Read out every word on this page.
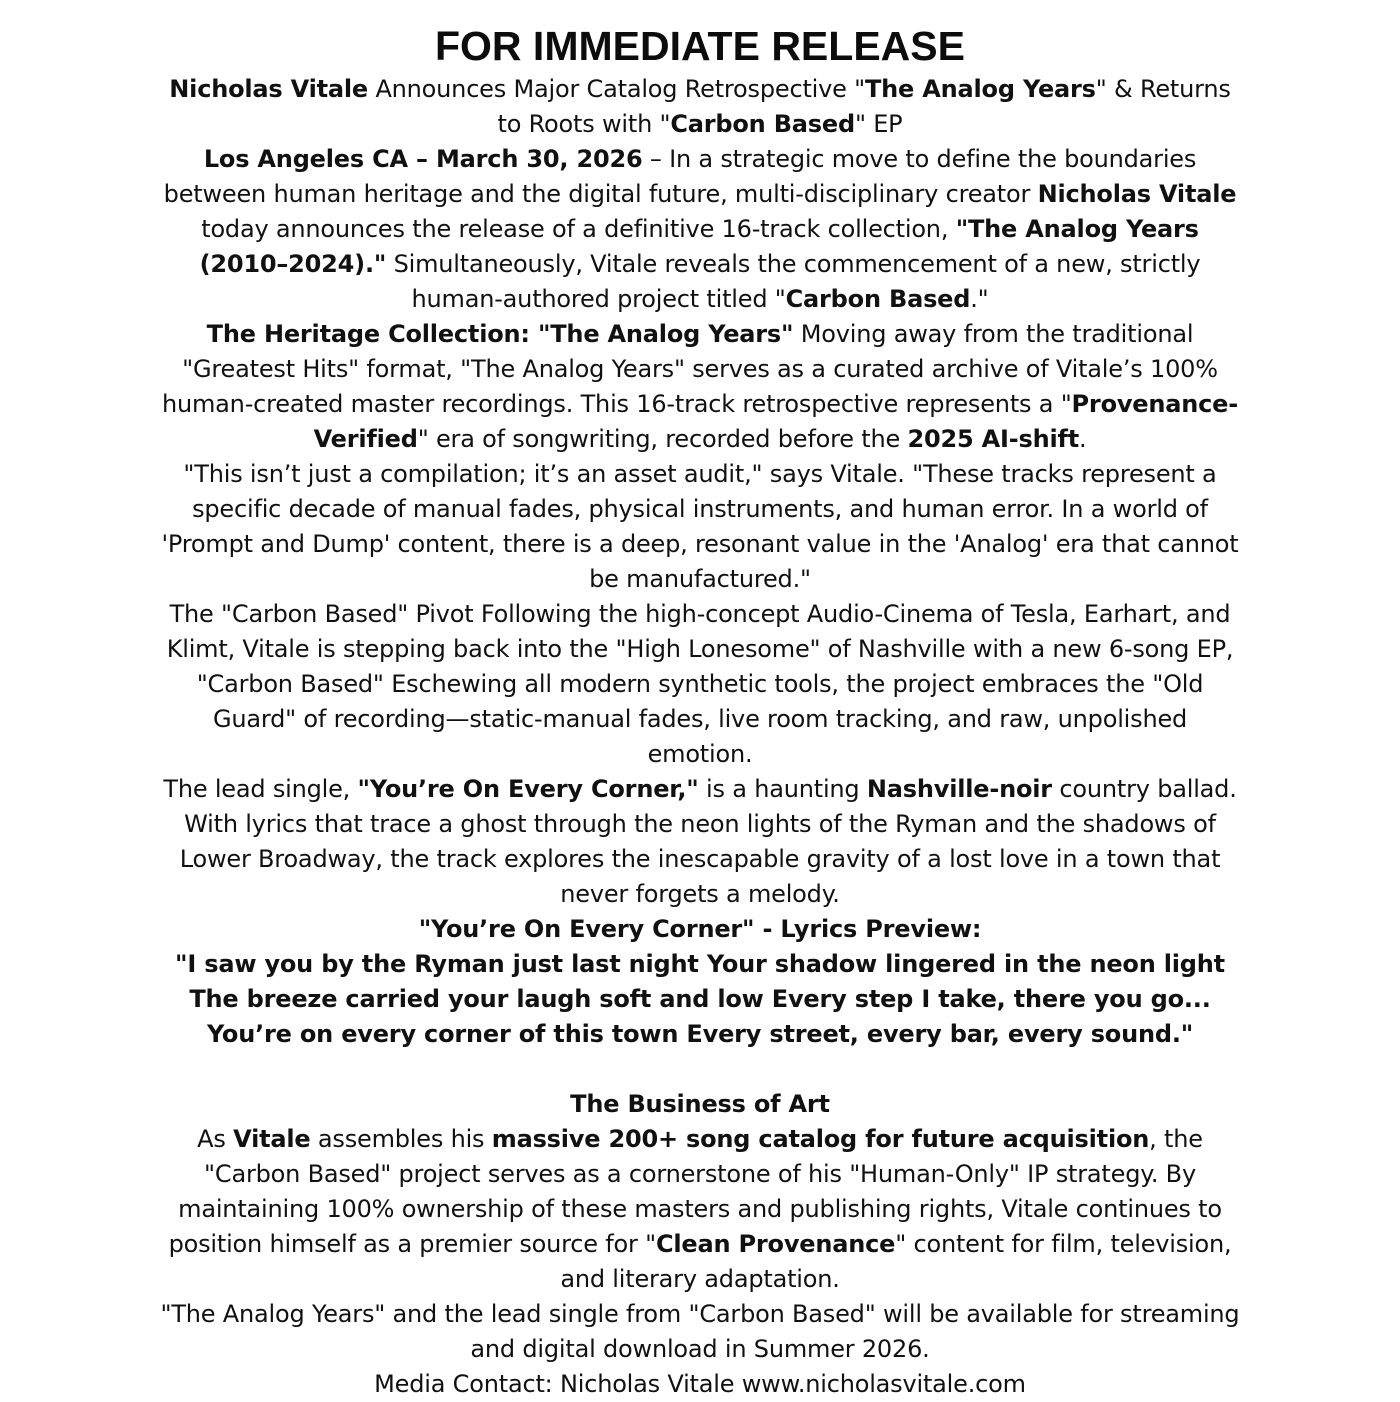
FOR IMMEDIATE RELEASE

Nicholas Vitale Announces Major Catalog Retrospective "The Analog Years" & Returns to Roots with "Carbon Based" EP

Los Angeles CA – March 30, 2026 – In a strategic move to define the boundaries between human heritage and the digital future, multi-disciplinary creator Nicholas Vitale today announces the release of a definitive 16-track collection, "The Analog Years (2010–2024)." Simultaneously, Vitale reveals the commencement of a new, strictly human-authored project titled "Carbon Based."

The Heritage Collection: "The Analog Years" Moving away from the traditional "Greatest Hits" format, "The Analog Years" serves as a curated archive of Vitale’s 100% human-created master recordings. This 16-track retrospective represents a "Provenance-Verified" era of songwriting, recorded before the 2025 AI-shift.

"This isn’t just a compilation; it’s an asset audit," says Vitale. "These tracks represent a specific decade of manual fades, physical instruments, and human error. In a world of 'Prompt and Dump' content, there is a deep, resonant value in the 'Analog' era that cannot be manufactured."

The "Carbon Based" Pivot Following the high-concept Audio-Cinema of Tesla, Earhart, and Klimt, Vitale is stepping back into the "High Lonesome" of Nashville with a new 6-song EP, "Carbon Based" Eschewing all modern synthetic tools, the project embraces the "Old Guard" of recording—static-manual fades, live room tracking, and raw, unpolished emotion.

The lead single, "You’re On Every Corner," is a haunting Nashville-noir country ballad. With lyrics that trace a ghost through the neon lights of the Ryman and the shadows of Lower Broadway, the track explores the inescapable gravity of a lost love in a town that never forgets a melody.

"You’re On Every Corner" - Lyrics Preview:

"I saw you by the Ryman just last night Your shadow lingered in the neon light The breeze carried your laugh soft and low Every step I take, there you go... You’re on every corner of this town Every street, every bar, every sound."

The Business of Art

As Vitale assembles his massive 200+ song catalog for future acquisition, the "Carbon Based" project serves as a cornerstone of his "Human-Only" IP strategy. By maintaining 100% ownership of these masters and publishing rights, Vitale continues to position himself as a premier source for "Clean Provenance" content for film, television, and literary adaptation.

"The Analog Years" and the lead single from "Carbon Based" will be available for streaming and digital download in Summer 2026.

Media Contact: Nicholas Vitale www.nicholasvitale.com
